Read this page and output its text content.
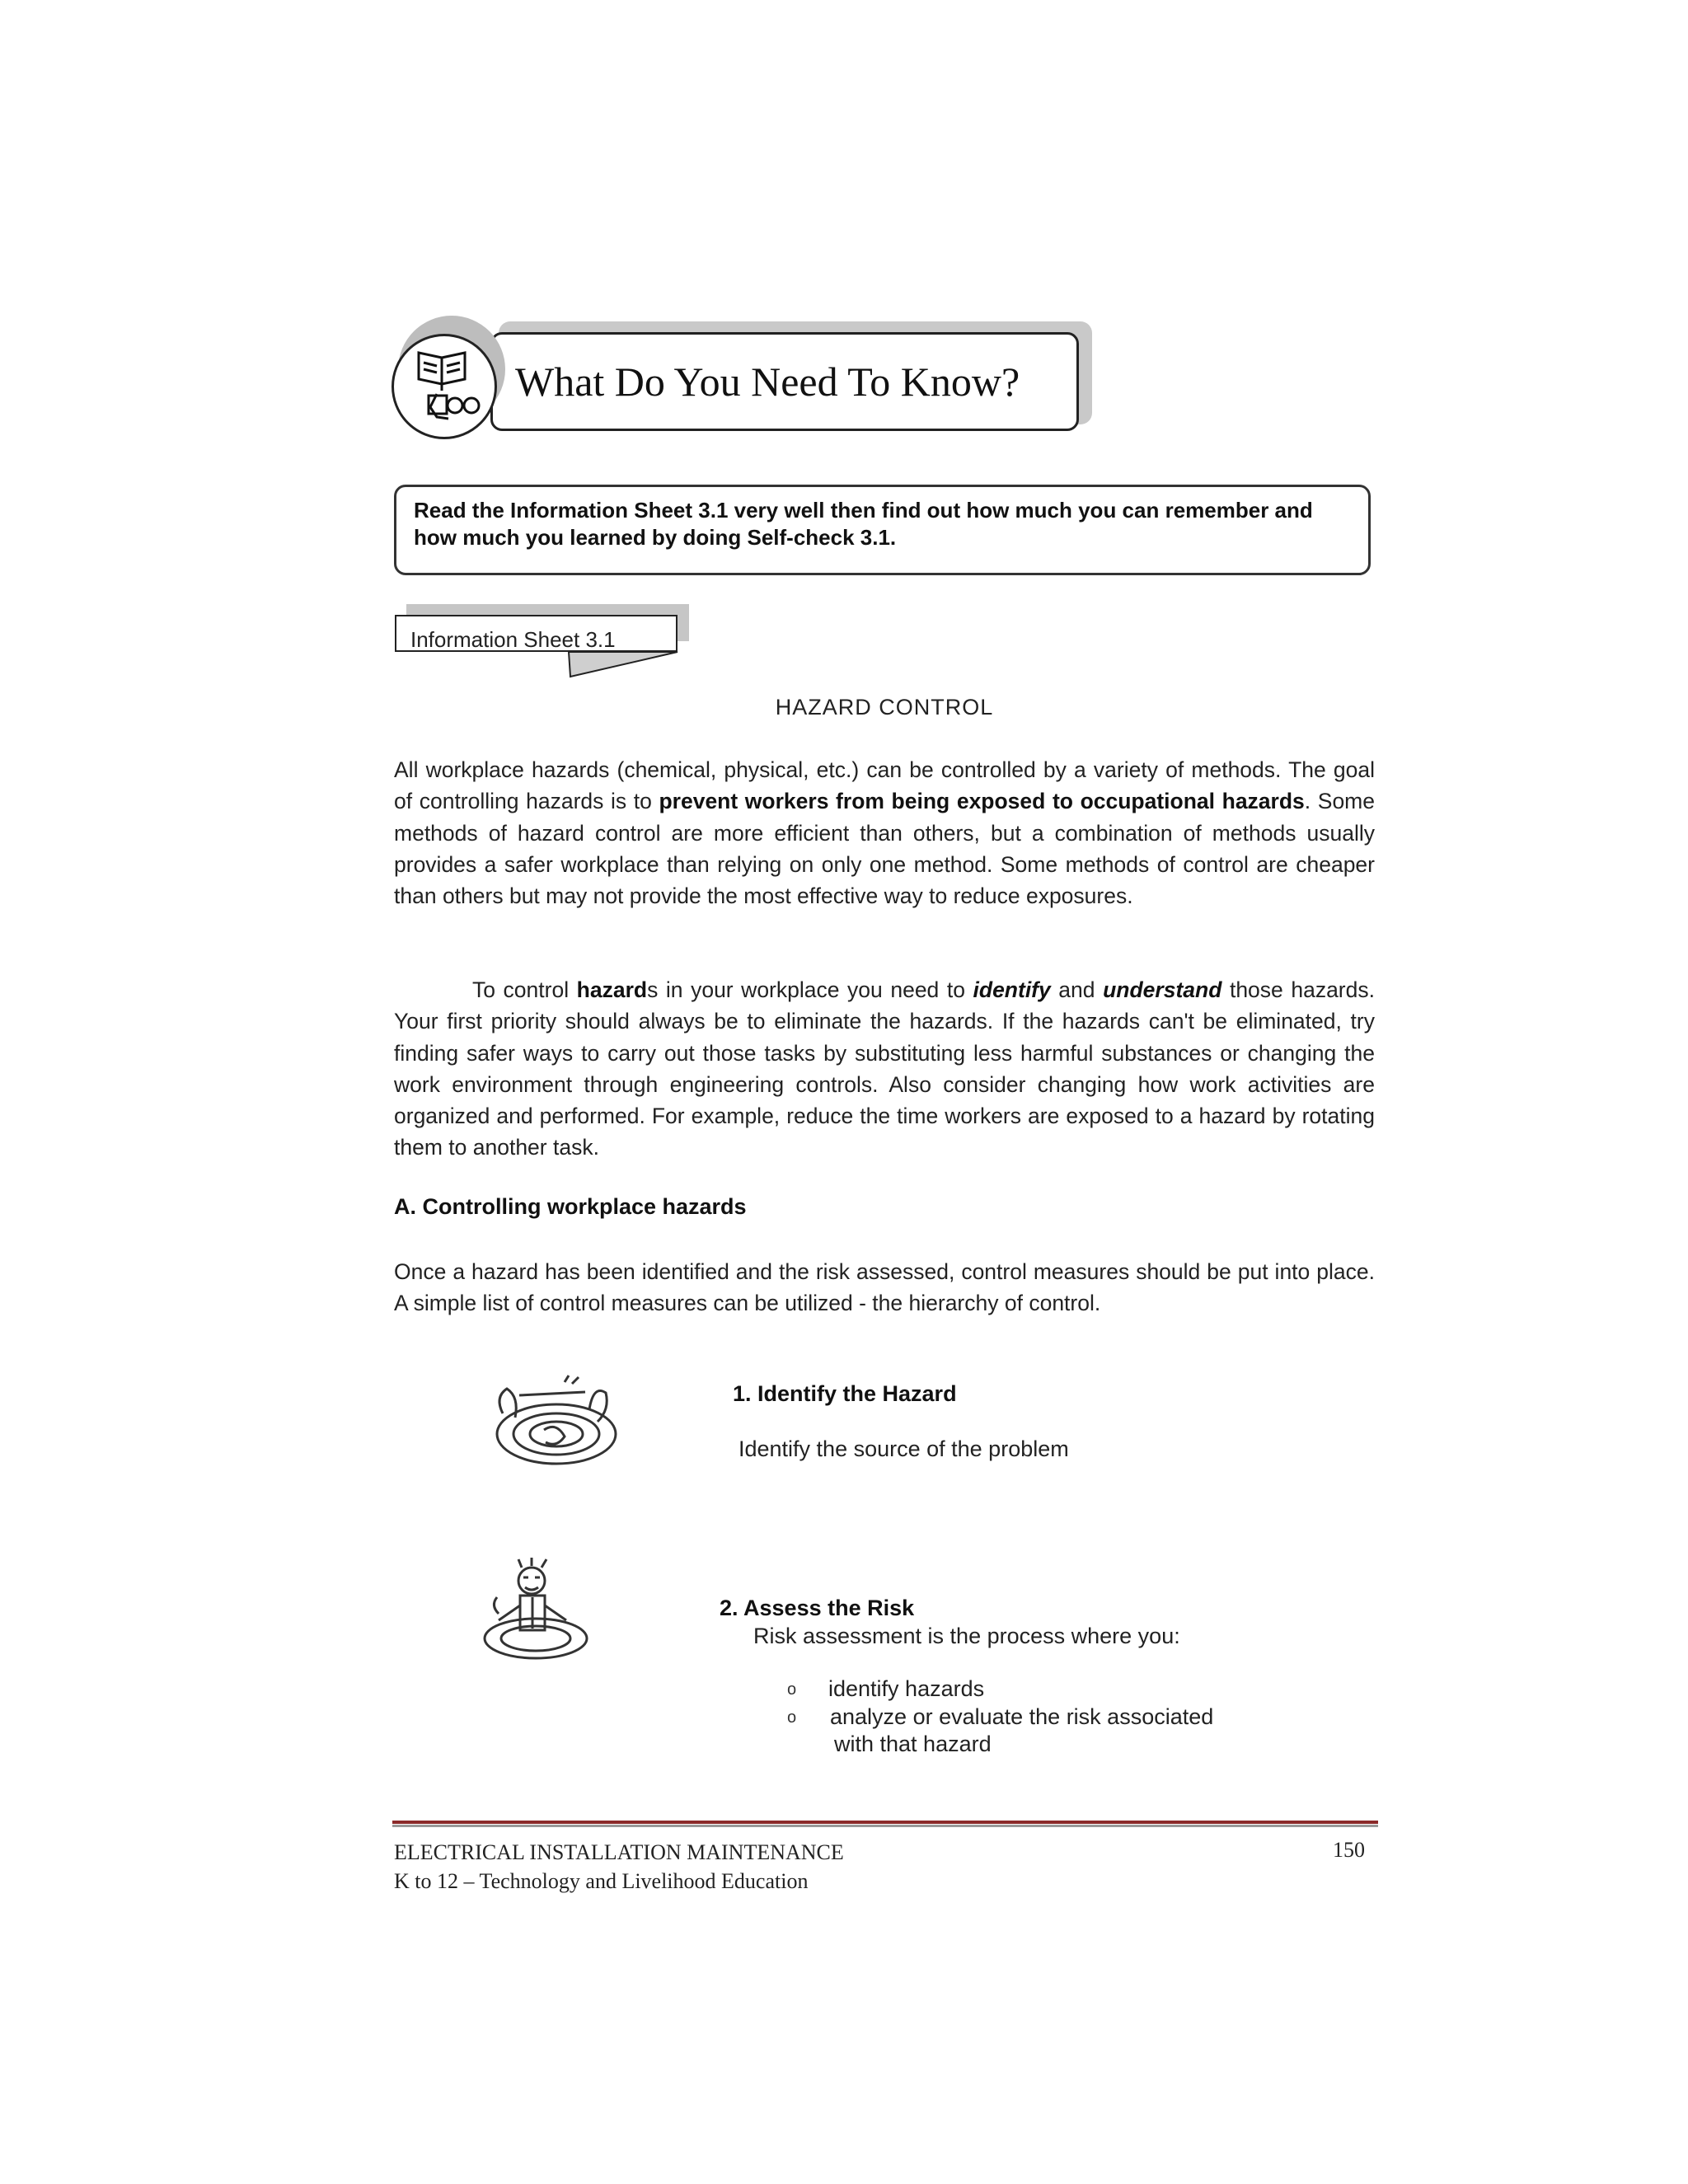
What Do You Need To Know?
Read the Information Sheet 3.1 very well then find out how much you can remember and how much you learned by doing Self-check 3.1.
Information Sheet 3.1
HAZARD CONTROL
All workplace hazards (chemical, physical, etc.) can be controlled by a variety of methods. The goal of controlling hazards is to prevent workers from being exposed to occupational hazards. Some methods of hazard control are more efficient than others, but a combination of methods usually provides a safer workplace than relying on only one method. Some methods of control are cheaper than others but may not provide the most effective way to reduce exposures.
To control hazards in your workplace you need to identify and understand those hazards. Your first priority should always be to eliminate the hazards. If the hazards can't be eliminated, try finding safer ways to carry out those tasks by substituting less harmful substances or changing the work environment through engineering controls. Also consider changing how work activities are organized and performed. For example, reduce the time workers are exposed to a hazard by rotating them to another task.
A. Controlling workplace hazards
Once a hazard has been identified and the risk assessed, control measures should be put into place. A simple list of control measures can be utilized - the hierarchy of control.
1. Identify the Hazard
Identify the source of the problem
2. Assess the Risk
Risk assessment is the process where you:
o identify hazards
o analyze or evaluate the risk associated
with that hazard
ELECTRICAL INSTALLATION MAINTENANCE
K to 12 – Technology and Livelihood Education
150
